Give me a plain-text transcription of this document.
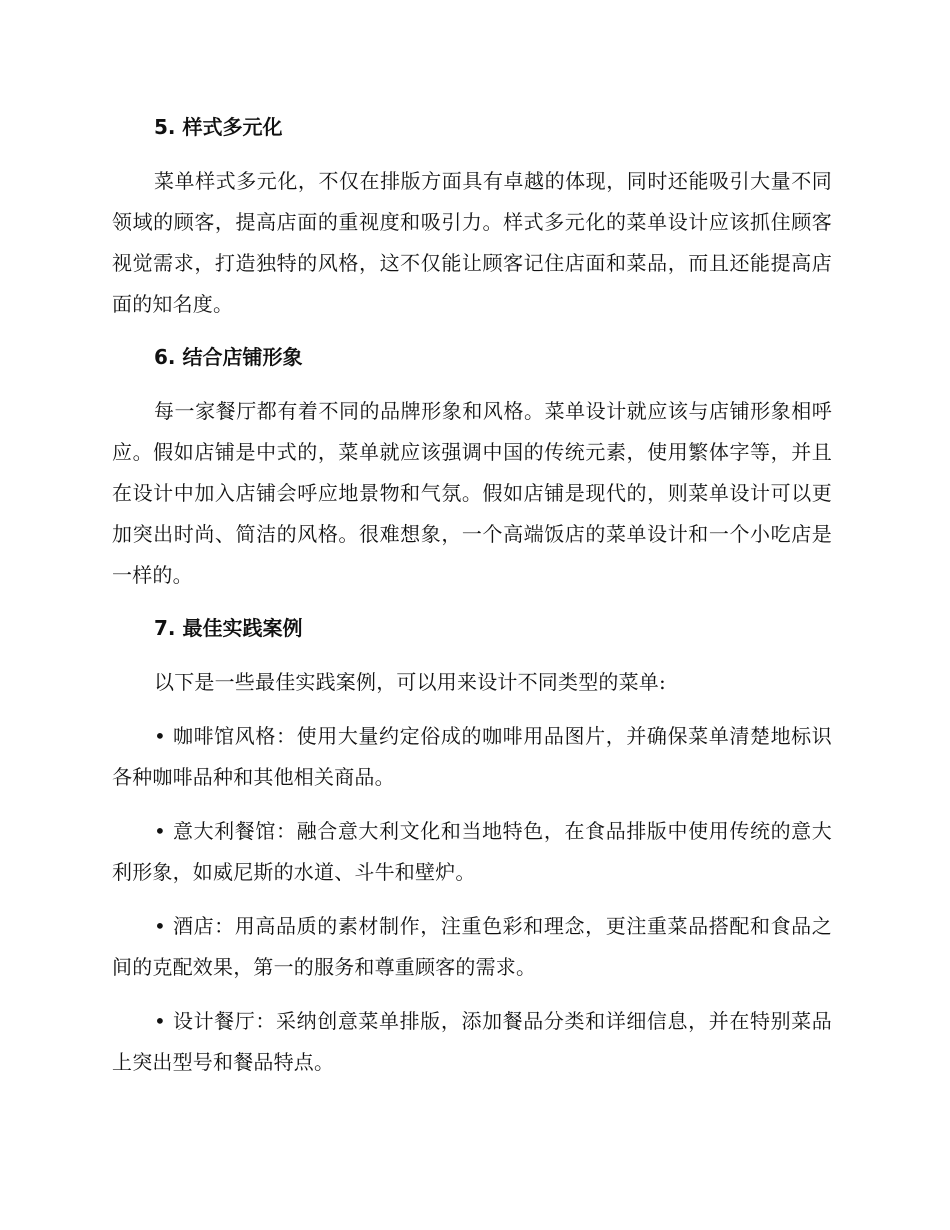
5. 样式多元化

菜单样式多元化，不仅在排版方面具有卓越的体现，同时还能吸引大量不同领域的顾客，提高店面的重视度和吸引力。样式多元化的菜单设计应该抓住顾客视觉需求，打造独特的风格，这不仅能让顾客记住店面和菜品，而且还能提高店面的知名度。

6. 结合店铺形象

每一家餐厅都有着不同的品牌形象和风格。菜单设计就应该与店铺形象相呼应。假如店铺是中式的，菜单就应该强调中国的传统元素，使用繁体字等，并且在设计中加入店铺会呼应地景物和气氛。假如店铺是现代的，则菜单设计可以更加突出时尚、简洁的风格。很难想象，一个高端饭店的菜单设计和一个小吃店是一样的。

7. 最佳实践案例

以下是一些最佳实践案例，可以用来设计不同类型的菜单:

• 咖啡馆风格：使用大量约定俗成的咖啡用品图片，并确保菜单清楚地标识各种咖啡品种和其他相关商品。

• 意大利餐馆：融合意大利文化和当地特色，在食品排版中使用传统的意大利形象，如威尼斯的水道、斗牛和壁炉。

• 酒店：用高品质的素材制作，注重色彩和理念，更注重菜品搭配和食品之间的克配效果，第一的服务和尊重顾客的需求。

• 设计餐厅：采纳创意菜单排版，添加餐品分类和详细信息，并在特别菜品上突出型号和餐品特点。
